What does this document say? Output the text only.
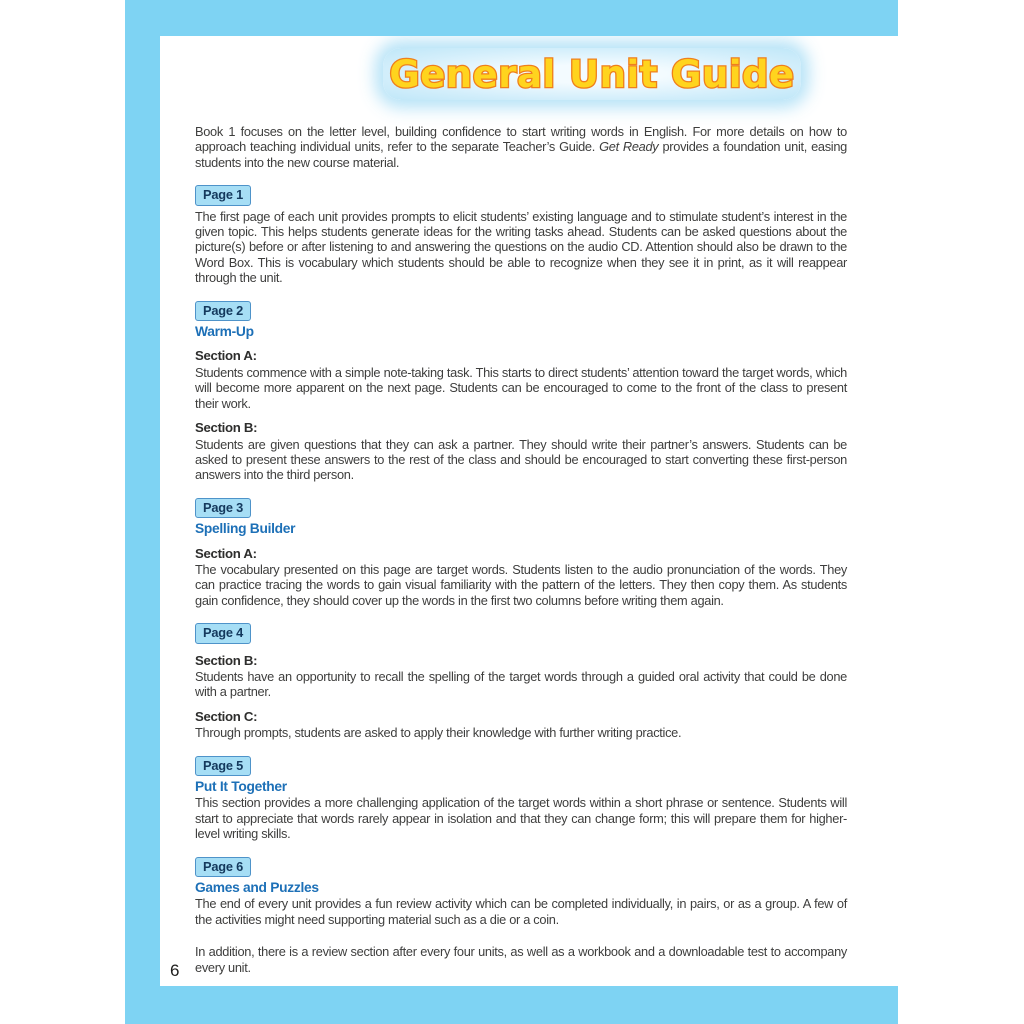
General Unit Guide

Book 1 focuses on the letter level, building confidence to start writing words in English. For more details on how to approach teaching individual units, refer to the separate Teacher’s Guide. Get Ready provides a foundation unit, easing students into the new course material.

Page 1

The first page of each unit provides prompts to elicit students’ existing language and to stimulate student’s interest in the given topic. This helps students generate ideas for the writing tasks ahead. Students can be asked questions about the picture(s) before or after listening to and answering the questions on the audio CD. Attention should also be drawn to the Word Box. This is vocabulary which students should be able to recognize when they see it in print, as it will reappear through the unit.

Page 2
Warm-Up
Section A:

Students commence with a simple note-taking task. This starts to direct students’ attention toward the target words, which will become more apparent on the next page. Students can be encouraged to come to the front of the class to present their work.

Section B:

Students are given questions that they can ask a partner. They should write their partner’s answers. Students can be asked to present these answers to the rest of the class and should be encouraged to start converting these first-person answers into the third person.

Page 3
Spelling Builder
Section A:

The vocabulary presented on this page are target words. Students listen to the audio pronunciation of the words. They can practice tracing the words to gain visual familiarity with the pattern of the letters. They then copy them. As students gain confidence, they should cover up the words in the first two columns before writing them again.

Page 4
Section B:

Students have an opportunity to recall the spelling of the target words through a guided oral activity that could be done with a partner.

Section C:

Through prompts, students are asked to apply their knowledge with further writing practice.

Page 5
Put It Together

This section provides a more challenging application of the target words within a short phrase or sentence. Students will start to appreciate that words rarely appear in isolation and that they can change form; this will prepare them for higher-level writing skills.

Page 6
Games and Puzzles

The end of every unit provides a fun review activity which can be completed individually, in pairs, or as a group. A few of the activities might need supporting material such as a die or a coin.

In addition, there is a review section after every four units, as well as a workbook and a downloadable test to accompany every unit.

6
